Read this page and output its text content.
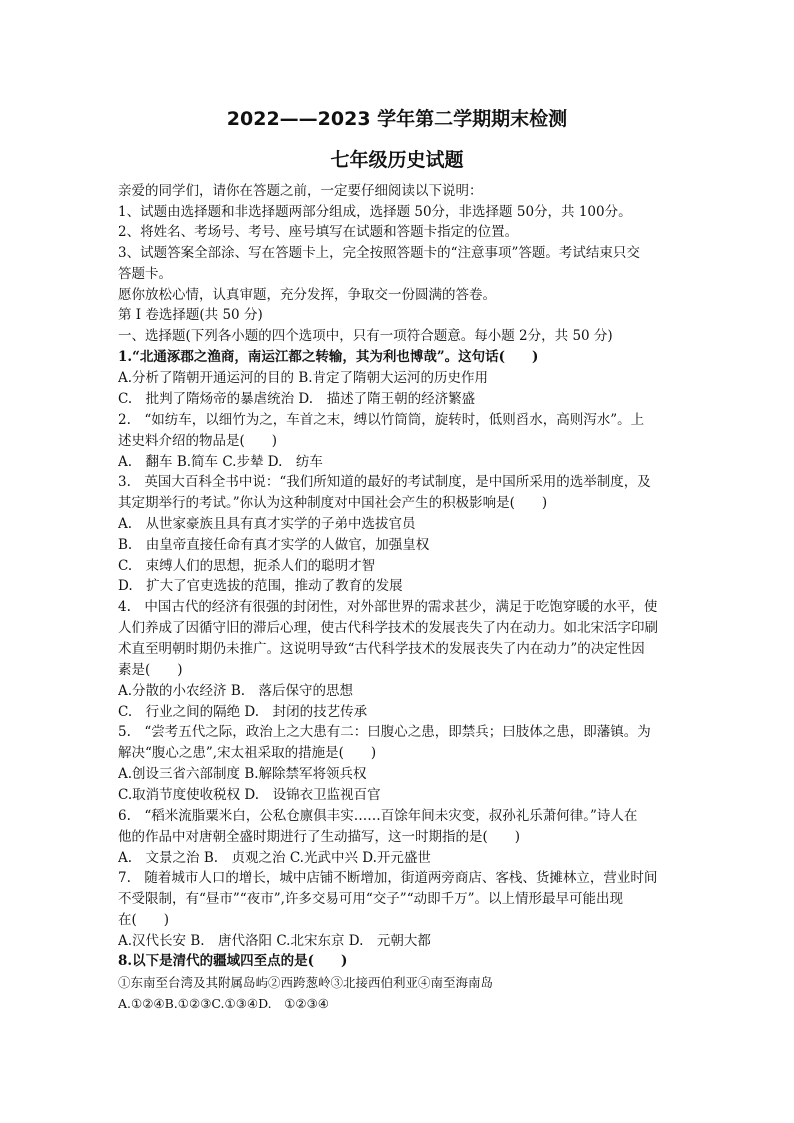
2022——2023 学年第二学期期末检测
七年级历史试题
亲爱的同学们，请你在答题之前，一定要仔细阅读以下说明：
1、试题由选择题和非选择题两部分组成，选择题 50分，非选择题 50分，共 100分。
2、将姓名、考场号、考号、座号填写在试题和答题卡指定的位置。
3、试题答案全部涂、写在答题卡上，完全按照答题卡的“注意事项”答题。考试结束只交
答题卡。
愿你放松心情，认真审题，充分发挥，争取交一份圆满的答卷。
第 I 卷选择题(共 50 分)
一、选择题(下列各小题的四个选项中，只有一项符合题意。每小题 2分，共 50 分)
1.“北通涿郡之渔商，南运江都之转输，其为利也博哉”。这句话(　　)
A.分析了隋朝开通运河的目的 B.肯定了隋朝大运河的历史作用
C.　批判了隋炀帝的暴虐统治 D.　描述了隋王朝的经济繁盛
2.　“如纺车，以细竹为之，车首之末，缚以竹筒筒，旋转时，低则舀水，高则泻水”。上
述史料介绍的物品是(　　)
A.　翻车 B.简车 C.步辇 D.　纺车
3.　英国大百科全书中说：“我们所知道的最好的考试制度，是中国所采用的选举制度，及
其定期举行的考试。”你认为这种制度对中国社会产生的积极影响是(　　)
A.　从世家豪族且具有真才实学的子弟中选拔官员
B.　由皇帝直接任命有真才实学的人做官，加强皇权
C.　束缚人们的思想，扼杀人们的聪明才智
D.　扩大了官吏选拔的范围，推动了教育的发展
4.　中国古代的经济有很强的封闭性，对外部世界的需求甚少，满足于吃饱穿暖的水平，使
人们养成了因循守旧的滞后心理，使古代科学技术的发展丧失了内在动力。如北宋活字印刷
术直至明朝时期仍未推广。这说明导致“古代科学技术的发展丧失了内在动力”的决定性因
素是(　　)
A.分散的小农经济 B.　落后保守的思想
C.　行业之间的隔绝 D.　封闭的技艺传承
5.　“尝考五代之际，政治上之大患有二：曰腹心之患，即禁兵；曰肢体之患，即藩镇。为
解决“腹心之患”,宋太祖采取的措施是(　　)
A.创设三省六部制度 B.解除禁军将领兵权
C.取消节度使收税权 D.　设锦衣卫监视百官
6.　“稻米流脂粟米白，公私仓廪俱丰实……百馀年间未灾变，叔孙礼乐萧何律。”诗人在
他的作品中对唐朝全盛时期进行了生动描写，这一时期指的是(　　)
A.　文景之治 B.　贞观之治 C.光武中兴 D.开元盛世
7.　随着城市人口的增长，城中店铺不断增加，街道两旁商店、客栈、货摊林立，营业时间
不受限制，有“昼市”“夜市”,许多交易可用“交子”“动即千万”。以上情形最早可能出现
在(　　)
A.汉代长安 B.　唐代洛阳 C.北宋东京 D.　元朝大都
8.以下是清代的疆域四至点的是(　　)
①东南至台湾及其附属岛屿②西跨葱岭③北接西伯利亚④南至海南岛
A.①②④B.①②③C.①③④D.　①②③④
